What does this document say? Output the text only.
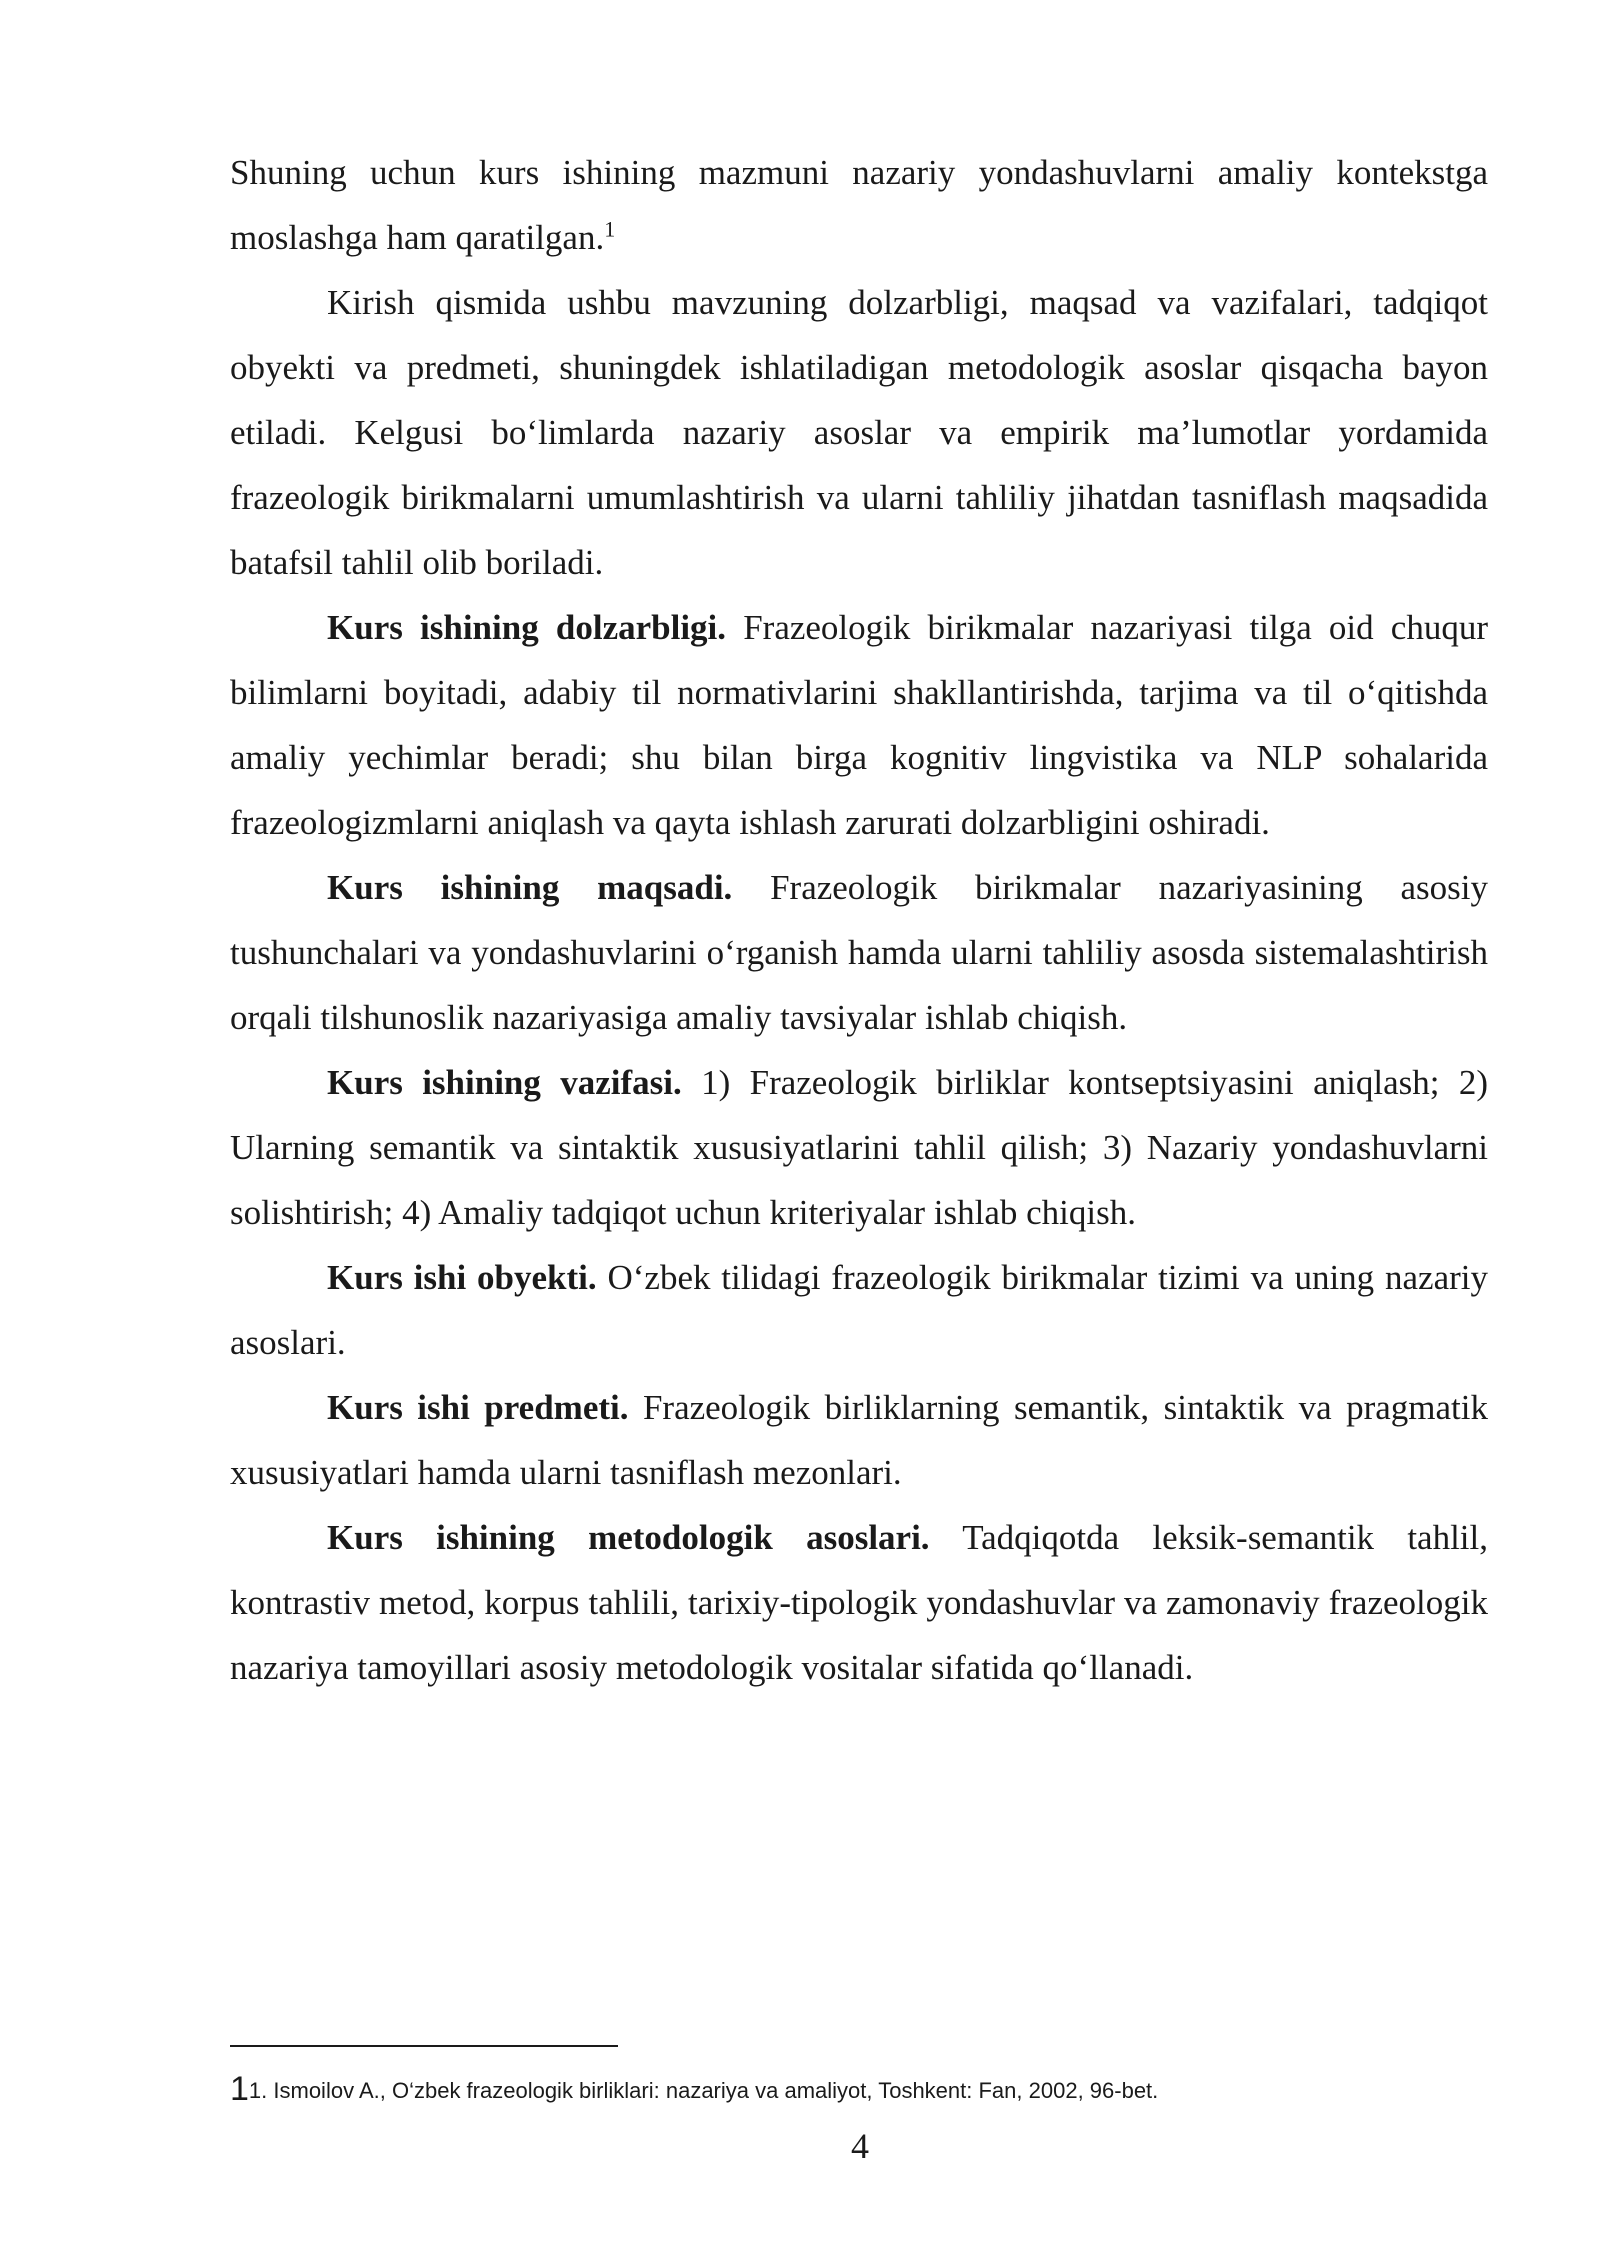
Shuning uchun kurs ishining mazmuni nazariy yondashuvlarni amaliy kontekstga moslashga ham qaratilgan.$^1$

Kirish qismida ushbu mavzuning dolzarbligi, maqsad va vazifalari, tadqiqot obyekti va predmeti, shuningdek ishlatiladigan metodologik asoslar qisqacha bayon etiladi. Kelgusi bo‘limlarda nazariy asoslar va empirik ma’lumotlar yordamida frazeologik birikmalarni umumlashtirish va ularni tahliliy jihatdan tasniflash maqsadida batafsil tahlil olib boriladi.

Kurs ishining dolzarbligi. Frazeologik birikmalar nazariyasi tilga oid chuqur bilimlarni boyitadi, adabiy til normativlarini shakllantirishda, tarjima va til o‘qitishda amaliy yechimlar beradi; shu bilan birga kognitiv lingvistika va NLP sohalarida frazeologizmlarni aniqlash va qayta ishlash zarurati dolzarbligini oshiradi.

Kurs ishining maqsadi. Frazeologik birikmalar nazariyasining asosiy tushunchalari va yondashuvlarini o‘rganish hamda ularni tahliliy asosda sistemalashtirish orqali tilshunoslik nazariyasiga amaliy tavsiyalar ishlab chiqish.

Kurs ishining vazifasi. 1) Frazeologik birliklar kontseptsiyasini aniqlash; 2) Ularning semantik va sintaktik xususiyatlarini tahlil qilish; 3) Nazariy yondashuvlarni solishtirish; 4) Amaliy tadqiqot uchun kriteriyalar ishlab chiqish.

Kurs ishi obyekti. O‘zbek tilidagi frazeologik birikmalar tizimi va uning nazariy asoslari.

Kurs ishi predmeti. Frazeologik birliklarning semantik, sintaktik va pragmatik xususiyatlari hamda ularni tasniflash mezonlari.

Kurs ishining metodologik asoslari. Tadqiqotda leksik-semantik tahlil, kontrastiv metod, korpus tahlili, tarixiy-tipologik yondashuvlar va zamonaviy frazeologik nazariya tamoyillari asosiy metodologik vositalar sifatida qo‘llanadi.

11. Ismoilov A., O‘zbek frazeologik birliklari: nazariya va amaliyot, Toshkent: Fan, 2002, 96-bet.
4
